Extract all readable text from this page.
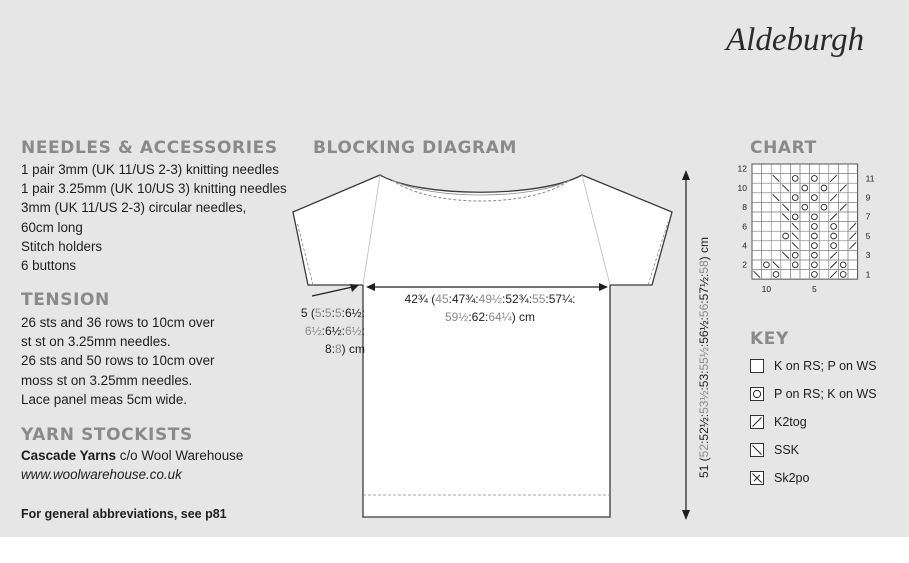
Aldeburgh
NEEDLES & ACCESSORIES
1 pair 3mm (UK 11/US 2-3) knitting needles
1 pair 3.25mm (UK 10/US 3) knitting needles
3mm (UK 11/US 2-3) circular needles,
60cm long
Stitch holders
6 buttons
TENSION
26 sts and 36 rows to 10cm over
st st on 3.25mm needles.
26 sts and 50 rows to 10cm over
moss st on 3.25mm needles.
Lace panel meas 5cm wide.
YARN STOCKISTS
Cascade Yarns c/o Wool Warehouse
www.woolwarehouse.co.uk
For general abbreviations, see p81
BLOCKING DIAGRAM
5 (5:5:5:6½:
6½:6½:6½:
8:8) cm
42¾ (45:47¾:49½:52¾:55:57¼:
59½:62:64¼) cm
51 (52:52½:53½:53:55½:56½:56:57½:58) cm
CHART
12
10
8
6
4
2
11
9
7
5
3
1
10	5
KEY
K on RS; P on WS
P on RS; K on WS
K2tog
SSK
Sk2po
